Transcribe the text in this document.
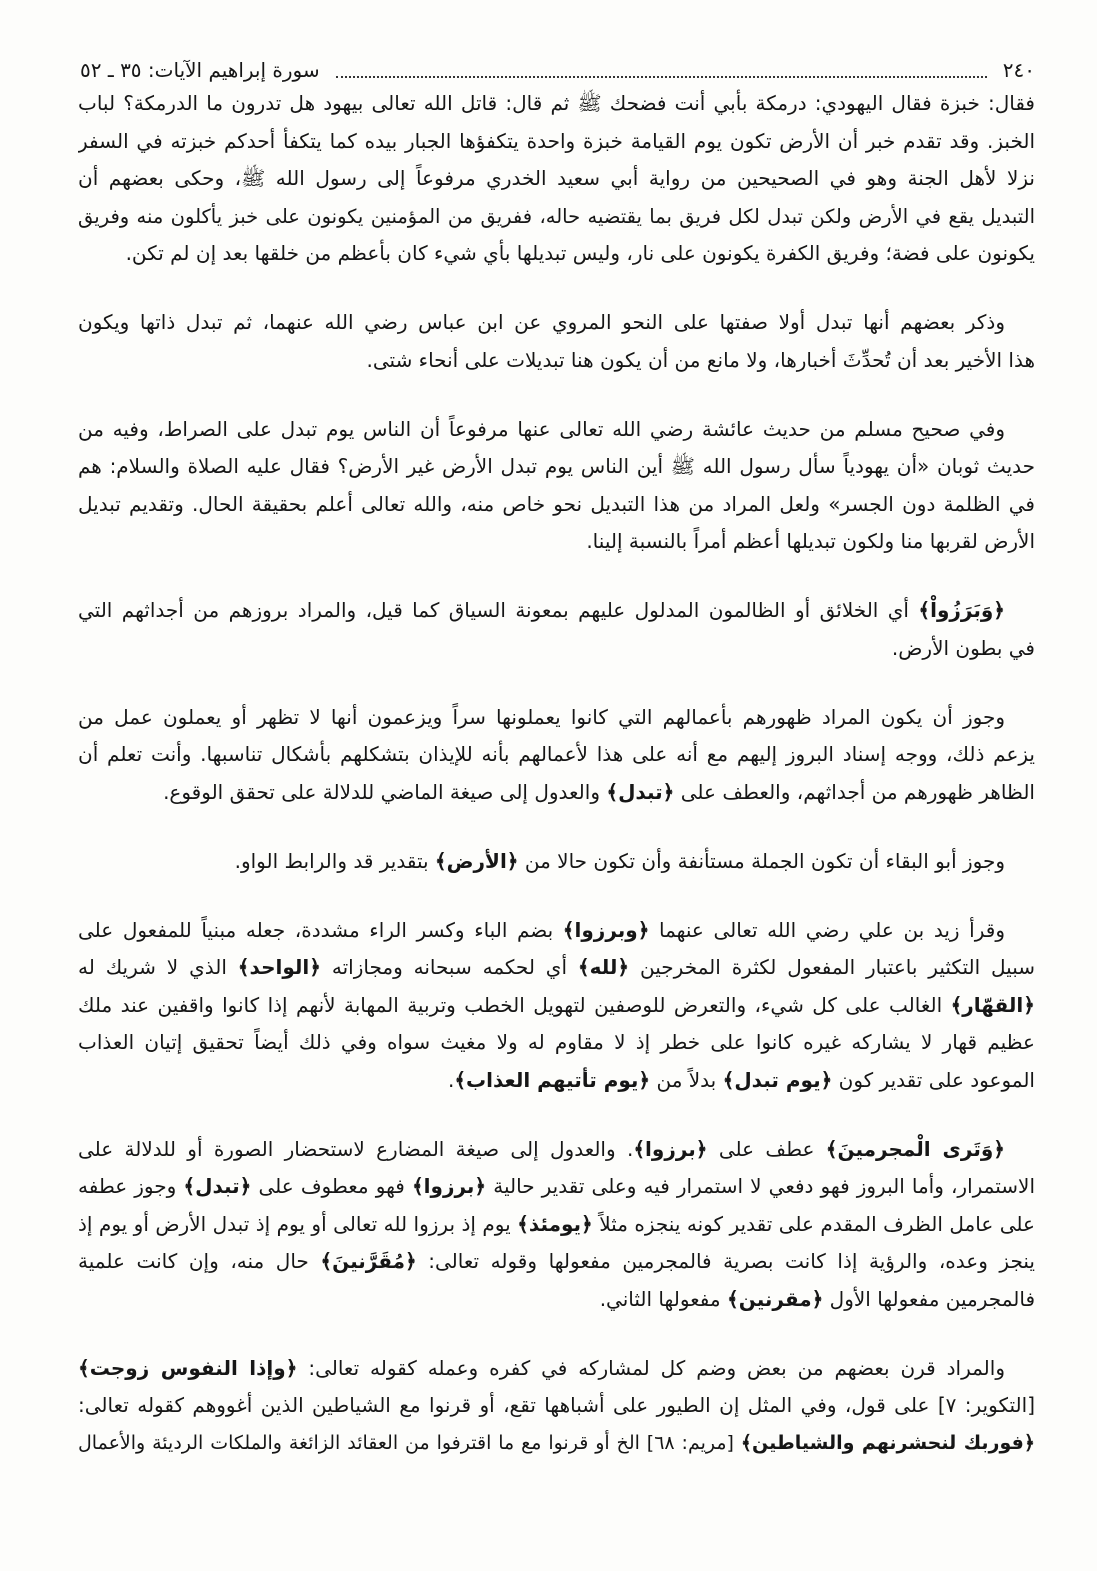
٢٤٠
سورة إبراهيم الآيات: ٣٥ ـ ٥٢
فقال: خبزة فقال اليهودي: درمكة بأبي أنت فضحك ﷺ ثم قال: قاتل الله تعالى بيهود هل تدرون ما الدرمكة؟ لباب
الخبز. وقد تقدم خبر أن الأرض تكون يوم القيامة خبزة واحدة يتكفؤها الجبار بيده كما يتكفأ أحدكم خبزته في السفر
نزلا لأهل الجنة وهو في الصحيحين من رواية أبي سعيد الخدري مرفوعاً إلى رسول الله ﷺ، وحكى بعضهم أن
التبديل يقع في الأرض ولكن تبدل لكل فريق بما يقتضيه حاله، ففريق من المؤمنين يكونون على خبز يأكلون منه وفريق
يكونون على فضة؛ وفريق الكفرة يكونون على نار، وليس تبديلها بأي شيء كان بأعظم من خلقها بعد إن لم تكن.
وذكر بعضهم أنها تبدل أولا صفتها على النحو المروي عن ابن عباس رضي الله عنهما، ثم تبدل ذاتها ويكون
هذا الأخير بعد أن تُحدِّثَ أخبارها، ولا مانع من أن يكون هنا تبديلات على أنحاء شتى.
وفي صحيح مسلم من حديث عائشة رضي الله تعالى عنها مرفوعاً أن الناس يوم تبدل على الصراط، وفيه من
حديث ثوبان «أن يهودياً سأل رسول الله ﷺ أين الناس يوم تبدل الأرض غير الأرض؟ فقال عليه الصلاة والسلام: هم
في الظلمة دون الجسر» ولعل المراد من هذا التبديل نحو خاص منه، والله تعالى أعلم بحقيقة الحال. وتقديم تبديل
الأرض لقربها منا ولكون تبديلها أعظم أمراً بالنسبة إلينا.
﴿وَبَرَزُواْ﴾ أي الخلائق أو الظالمون المدلول عليهم بمعونة السياق كما قيل، والمراد بروزهم من أجداثهم التي
في بطون الأرض.
وجوز أن يكون المراد ظهورهم بأعمالهم التي كانوا يعملونها سراً ويزعمون أنها لا تظهر أو يعملون عمل من
يزعم ذلك، ووجه إسناد البروز إليهم مع أنه على هذا لأعمالهم بأنه للإيذان بتشكلهم بأشكال تناسبها. وأنت تعلم أن
الظاهر ظهورهم من أجداثهم، والعطف على ﴿تبدل﴾ والعدول إلى صيغة الماضي للدلالة على تحقق الوقوع.
وجوز أبو البقاء أن تكون الجملة مستأنفة وأن تكون حالا من ﴿الأرض﴾ بتقدير قد والرابط الواو.
وقرأ زيد بن علي رضي الله تعالى عنهما ﴿وبرزوا﴾ بضم الباء وكسر الراء مشددة، جعله مبنياً للمفعول على
سبيل التكثير باعتبار المفعول لكثرة المخرجين ﴿لله﴾ أي لحكمه سبحانه ومجازاته ﴿الواحد﴾ الذي لا شريك له
﴿القهّار﴾ الغالب على كل شيء، والتعرض للوصفين لتهويل الخطب وتربية المهابة لأنهم إذا كانوا واقفين عند ملك
عظيم قهار لا يشاركه غيره كانوا على خطر إذ لا مقاوم له ولا مغيث سواه وفي ذلك أيضاً تحقيق إتيان العذاب
الموعود على تقدير كون ﴿يوم تبدل﴾ بدلاً من ﴿يوم تأتيهم العذاب﴾.
﴿وَتَرى الْمجرمينَ﴾ عطف على ﴿برزوا﴾. والعدول إلى صيغة المضارع لاستحضار الصورة أو للدلالة على
الاستمرار، وأما البروز فهو دفعي لا استمرار فيه وعلى تقدير حالية ﴿برزوا﴾ فهو معطوف على ﴿تبدل﴾ وجوز عطفه
على عامل الظرف المقدم على تقدير كونه ينجزه مثلاً ﴿يومئذ﴾ يوم إذ برزوا لله تعالى أو يوم إذ تبدل الأرض أو يوم إذ
ينجز وعده، والرؤية إذا كانت بصرية فالمجرمين مفعولها وقوله تعالى: ﴿مُقَرَّنينَ﴾ حال منه، وإن كانت علمية
فالمجرمين مفعولها الأول ﴿مقرنين﴾ مفعولها الثاني.
والمراد قرن بعضهم من بعض وضم كل لمشاركه في كفره وعمله كقوله تعالى: ﴿وإذا النفوس زوجت﴾
[التكوير: ٧] على قول، وفي المثل إن الطيور على أشباهها تقع، أو قرنوا مع الشياطين الذين أغووهم كقوله تعالى:
﴿فوربك لنحشرنهم والشياطين﴾ [مريم: ٦٨] الخ أو قرنوا مع ما اقترفوا من العقائد الزائغة والملكات الرديئة والأعمال
